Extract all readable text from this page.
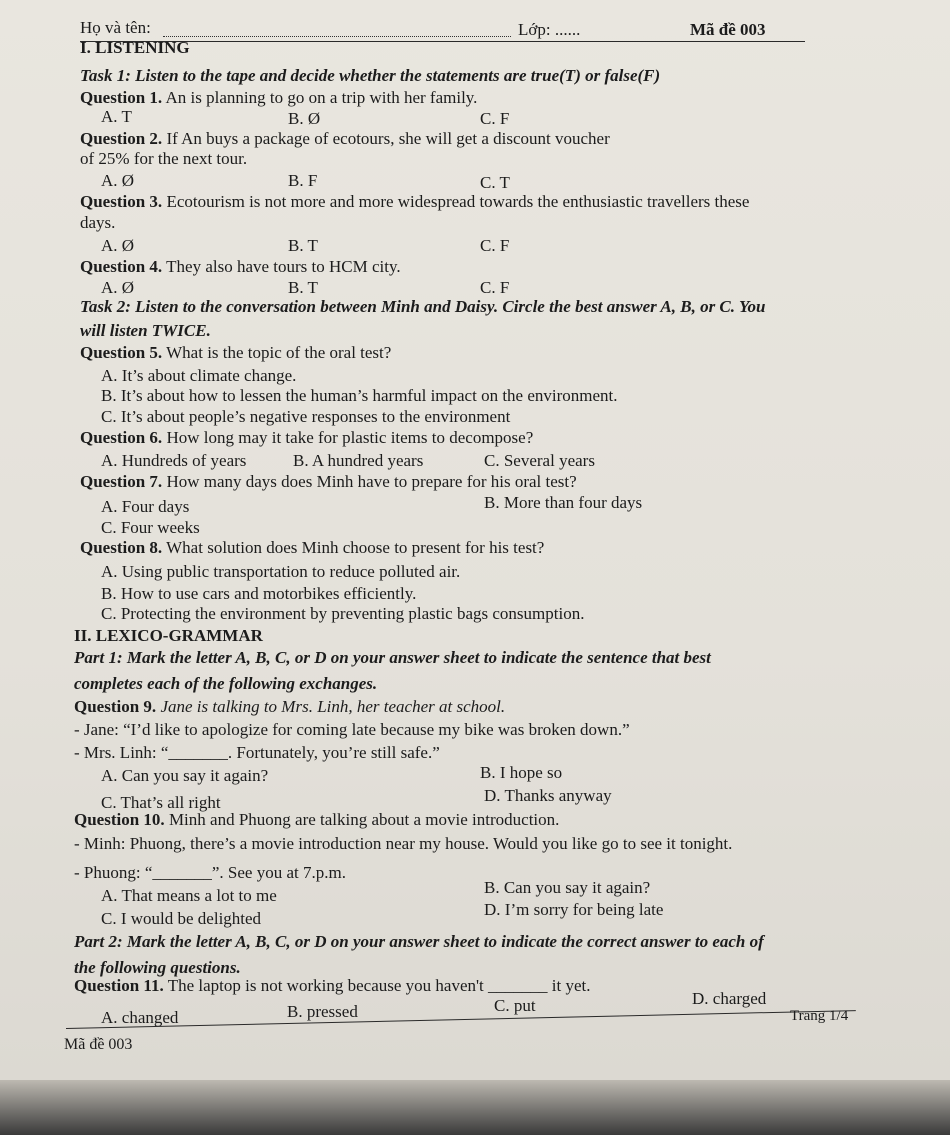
Họ và tên:	Lớp: ......	Mã đề 003
I. LISTENING
Task 1: Listen to the tape and decide whether the statements are true(T) or false(F)
Question 1. An is planning to go on a trip with her family.
A. T	B. Ø	C. F
Question 2. If An buys a package of ecotours, she will get a discount voucher
of 25% for the next tour.
A. Ø	B. F	C. T
Question 3. Ecotourism is not more and more widespread towards the enthusiastic travellers these
days.
A. Ø	B. T	C. F
Question 4. They also have tours to HCM city.
A. Ø	B. T	C. F
Task 2: Listen to the conversation between Minh and Daisy. Circle the best answer A, B, or C. You
will listen TWICE.
Question 5. What is the topic of the oral test?
A. It’s about climate change.
B. It’s about how to lessen the human’s harmful impact on the environment.
C. It’s about people’s negative responses to the environment
Question 6. How long may it take for plastic items to decompose?
A. Hundreds of years	B. A hundred years	C. Several years
Question 7. How many days does Minh have to prepare for his oral test?
A. Four days	B. More than four days
C. Four weeks
Question 8. What solution does Minh choose to present for his test?
A. Using public transportation to reduce polluted air.
B. How to use cars and motorbikes efficiently.
C. Protecting the environment by preventing plastic bags consumption.
II. LEXICO-GRAMMAR
Part 1: Mark the letter A, B, C, or D on your answer sheet to indicate the sentence that best
completes each of the following exchanges.
Question 9. Jane is talking to Mrs. Linh, her teacher at school.
- Jane: “I’d like to apologize for coming late because my bike was broken down.”
- Mrs. Linh: “_______. Fortunately, you’re still safe.”
A. Can you say it again?	B. I hope so
C. That’s all right	D. Thanks anyway
Question 10. Minh and Phuong are talking about a movie introduction.
- Minh: Phuong, there’s a movie introduction near my house. Would you like go to see it tonight.
- Phuong: “_______”. See you at 7.p.m.
A. That means a lot to me	B. Can you say it again?
C. I would be delighted	D. I’m sorry for being late
Part 2: Mark the letter A, B, C, or D on your answer sheet to indicate the correct answer to each of
the following questions.
Question 11. The laptop is not working because you haven't _______ it yet.
A. changed	B. pressed	C. put	D. charged
Trang 1/4
Mã đề 003
